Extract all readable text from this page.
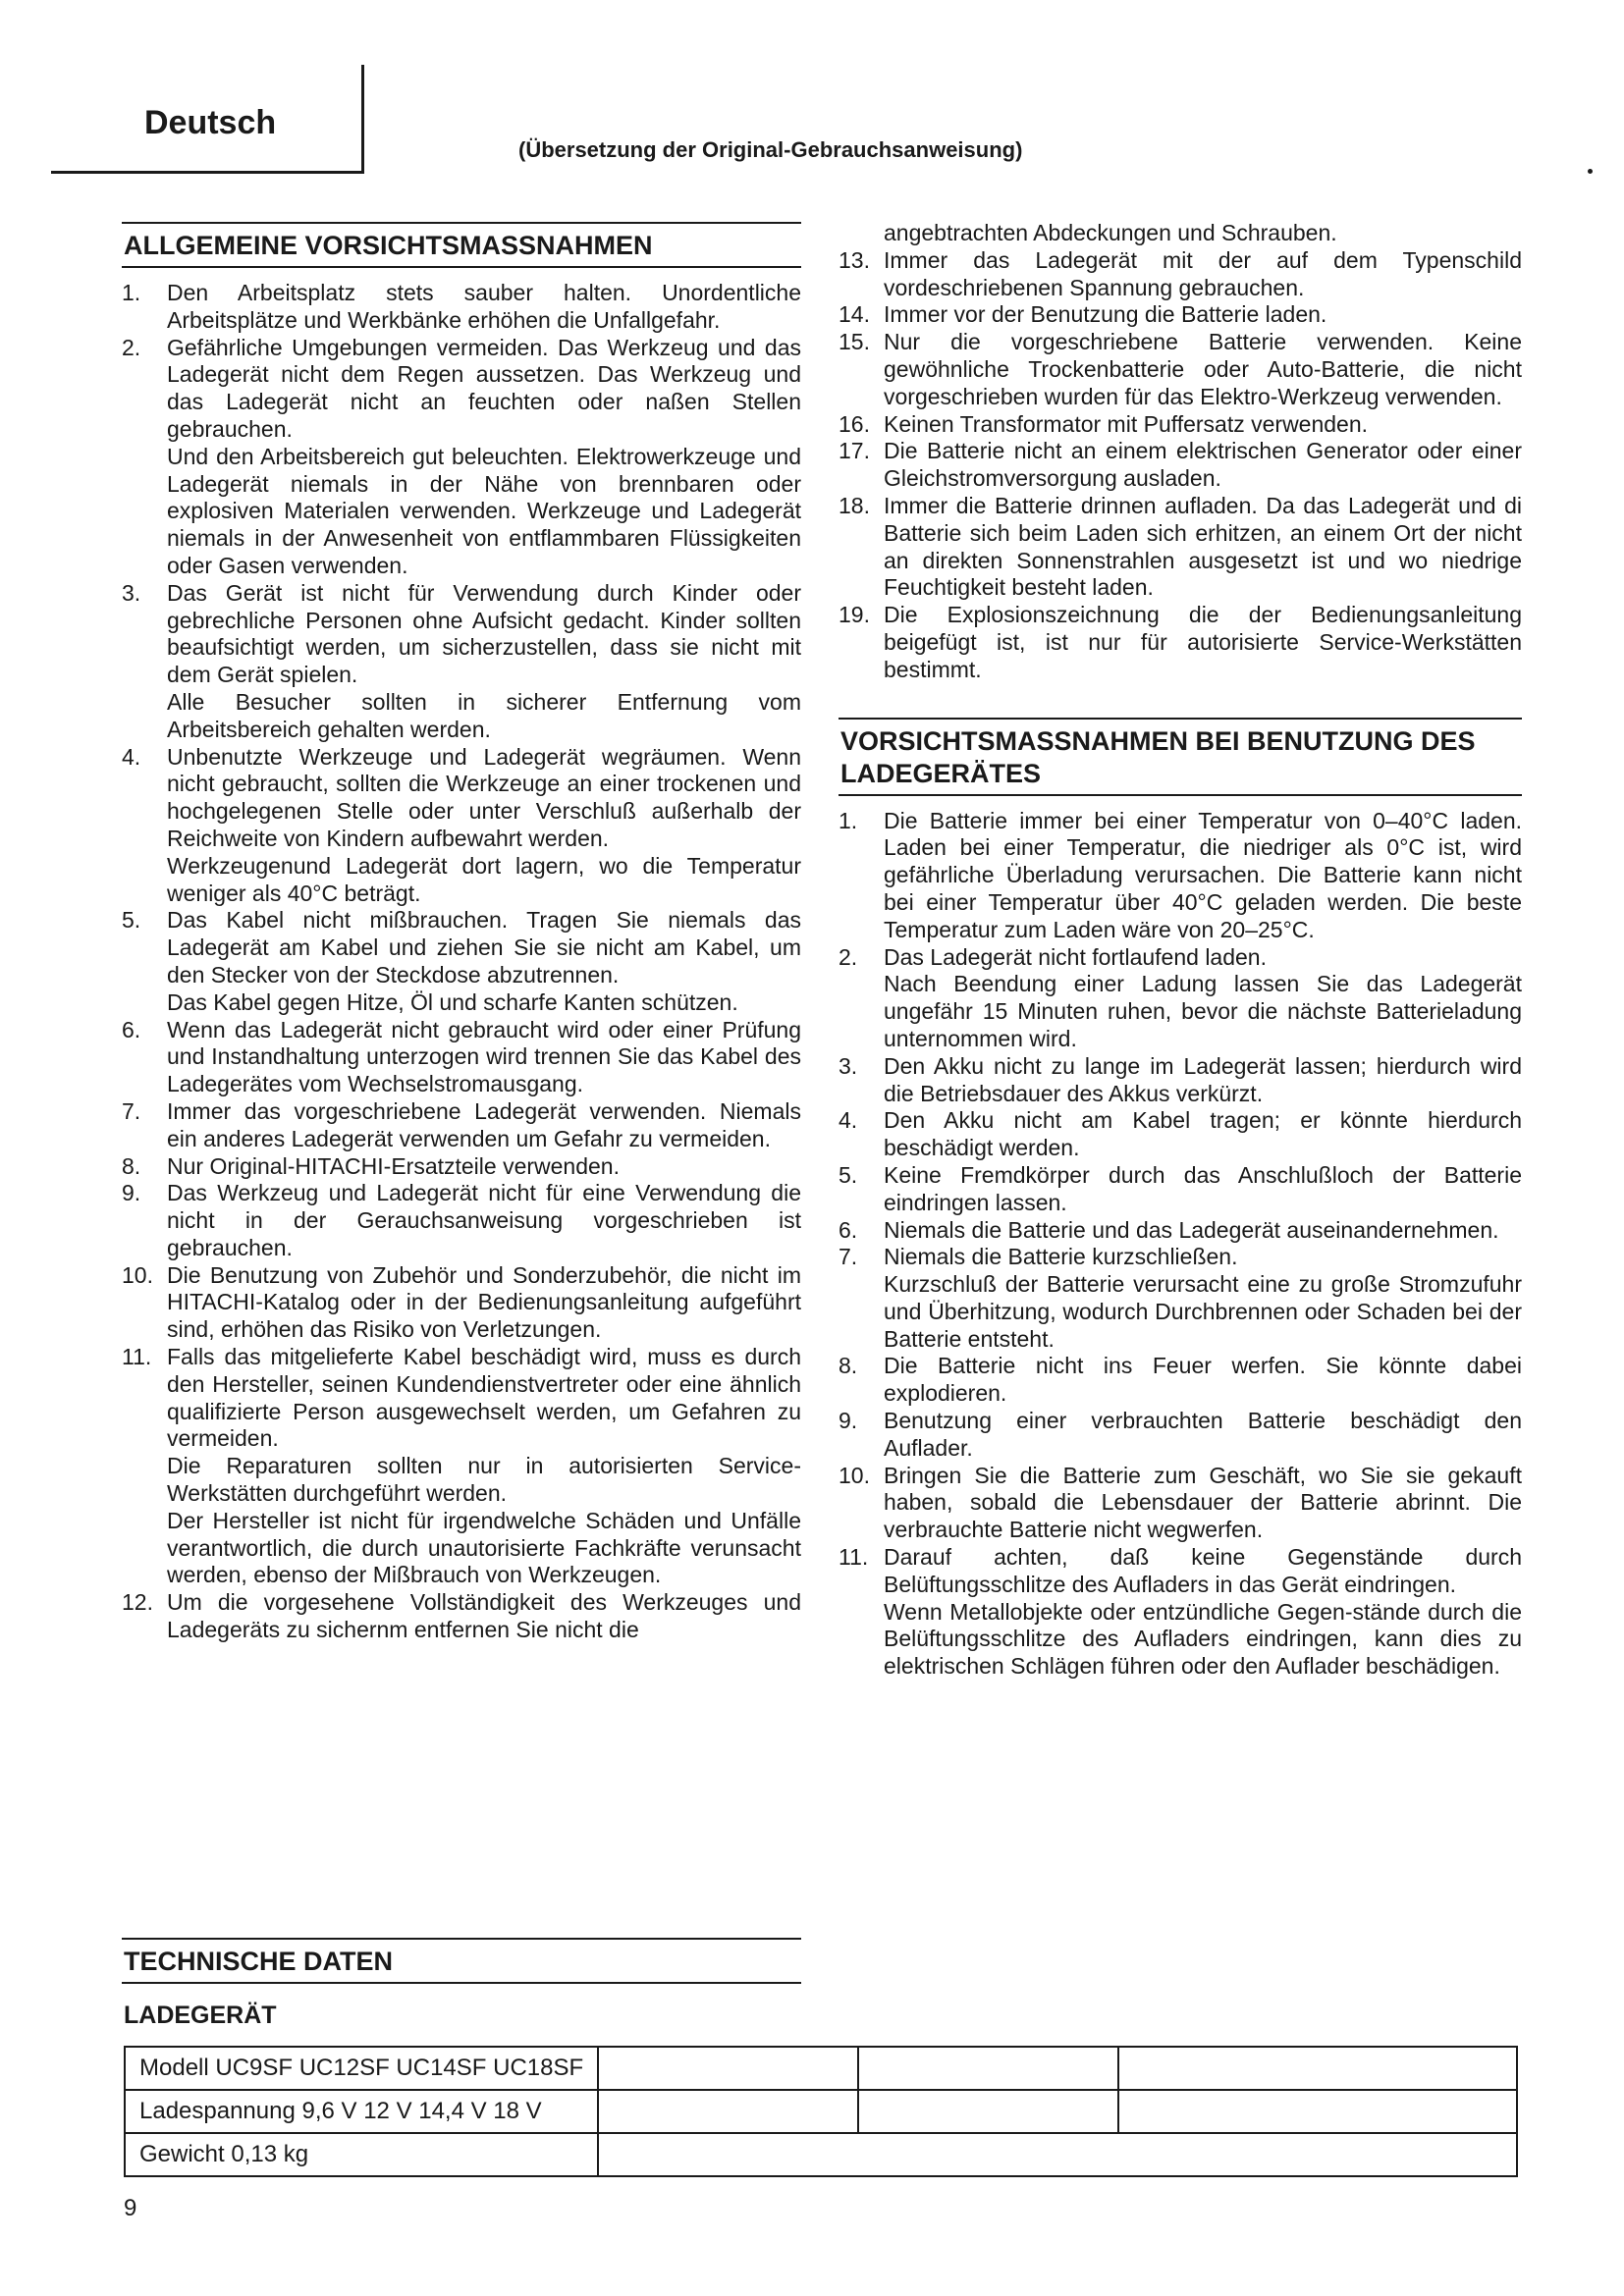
Deutsch
(Übersetzung der Original-Gebrauchsanweisung)
ALLGEMEINE VORSICHTSMASSNAHMEN
1. Den Arbeitsplatz stets sauber halten. Unordentliche Arbeitsplätze und Werkbänke erhöhen die Unfallgefahr.

2. Gefährliche Umgebungen vermeiden. Das Werkzeug und das Ladegerät nicht dem Regen aussetzen. Das Werkzeug und das Ladegerät nicht an feuchten oder naßen Stellen gebrauchen.

Und den Arbeitsbereich gut beleuchten. Elektrowerkzeuge und Ladegerät niemals in der Nähe von brennbaren oder explosiven Materialen verwenden. Werkzeuge und Ladegerät niemals in der Anwesenheit von entflammbaren Flüssigkeiten oder Gasen verwenden.

3. Das Gerät ist nicht für Verwendung durch Kinder oder gebrechliche Personen ohne Aufsicht gedacht. Kinder sollten beaufsichtigt werden, um sicherzustellen, dass sie nicht mit dem Gerät spielen.

Alle Besucher sollten in sicherer Entfernung vom Arbeitsbereich gehalten werden.

4. Unbenutzte Werkzeuge und Ladegerät wegräumen. Wenn nicht gebraucht, sollten die Werkzeuge an einer trockenen und hochgelegenen Stelle oder unter Verschluß außerhalb der Reichweite von Kindern aufbewahrt werden.

Werkzeugenund Ladegerät dort lagern, wo die Temperatur weniger als 40°C beträgt.

5. Das Kabel nicht mißbrauchen. Tragen Sie niemals das Ladegerät am Kabel und ziehen Sie sie nicht am Kabel, um den Stecker von der Steckdose abzutrennen.

Das Kabel gegen Hitze, Öl und scharfe Kanten schützen.

6. Wenn das Ladegerät nicht gebraucht wird oder einer Prüfung und Instandhaltung unterzogen wird trennen Sie das Kabel des Ladegerätes vom Wechselstromausgang.

7. Immer das vorgeschriebene Ladegerät verwenden. Niemals ein anderes Ladegerät verwenden um Gefahr zu vermeiden.

8. Nur Original-HITACHI-Ersatzteile verwenden.

9. Das Werkzeug und Ladegerät nicht für eine Verwendung die nicht in der Gerauchsanweisung vorgeschrieben ist gebrauchen.

10. Die Benutzung von Zubehör und Sonderzubehör, die nicht im HITACHI-Katalog oder in der Bedienungsanleitung aufgeführt sind, erhöhen das Risiko von Verletzungen.

11. Falls das mitgelieferte Kabel beschädigt wird, muss es durch den Hersteller, seinen Kundendienstvertreter oder eine ähnlich qualifizierte Person ausgewechselt werden, um Gefahren zu vermeiden.

Die Reparaturen sollten nur in autorisierten Service-Werkstätten durchgeführt werden.

Der Hersteller ist nicht für irgendwelche Schäden und Unfälle verantwortlich, die durch unautorisierte Fachkräfte verunsacht werden, ebenso der Mißbrauch von Werkzeugen.

12. Um die vorgesehene Vollständigkeit des Werkzeuges und Ladegeräts zu sichernm entfernen Sie nicht die

angebtrachten Abdeckungen und Schrauben.

13. Immer das Ladegerät mit der auf dem Typenschild vordeschriebenen Spannung gebrauchen.

14. Immer vor der Benutzung die Batterie laden.

15. Nur die vorgeschriebene Batterie verwenden. Keine gewöhnliche Trockenbatterie oder Auto-Batterie, die nicht vorgeschrieben wurden für das Elektro-Werkzeug verwenden.

16. Keinen Transformator mit Puffersatz verwenden.

17. Die Batterie nicht an einem elektrischen Generator oder einer Gleichstromversorgung ausladen.

18. Immer die Batterie drinnen aufladen. Da das Ladegerät und di Batterie sich beim Laden sich erhitzen, an einem Ort der nicht an direkten Sonnenstrahlen ausgesetzt ist und wo niedrige Feuchtigkeit besteht laden.

19. Die Explosionszeichnung die der Bedienungsanleitung beigefügt ist, ist nur für autorisierte Service-Werkstätten bestimmt.

VORSICHTSMASSNAHMEN BEI BENUTZUNG DES LADEGERÄTES
1. Die Batterie immer bei einer Temperatur von 0–40°C laden. Laden bei einer Temperatur, die niedriger als 0°C ist, wird gefährliche Überladung verursachen. Die Batterie kann nicht bei einer Temperatur über 40°C geladen werden. Die beste Temperatur zum Laden wäre von 20–25°C.

2. Das Ladegerät nicht fortlaufend laden.

Nach Beendung einer Ladung lassen Sie das Ladegerät ungefähr 15 Minuten ruhen, bevor die nächste Batterieladung unternommen wird.

3. Den Akku nicht zu lange im Ladegerät lassen; hierdurch wird die Betriebsdauer des Akkus verkürzt.

4. Den Akku nicht am Kabel tragen; er könnte hierdurch beschädigt werden.

5. Keine Fremdkörper durch das Anschlußloch der Batterie eindringen lassen.

6. Niemals die Batterie und das Ladegerät auseinandernehmen.

7. Niemals die Batterie kurzschließen.

Kurzschluß der Batterie verursacht eine zu große Stromzufuhr und Überhitzung, wodurch Durchbrennen oder Schaden bei der Batterie entsteht.

8. Die Batterie nicht ins Feuer werfen. Sie könnte dabei explodieren.

9. Benutzung einer verbrauchten Batterie beschädigt den Auflader.

10. Bringen Sie die Batterie zum Geschäft, wo Sie sie gekauft haben, sobald die Lebensdauer der Batterie abrinnt. Die verbrauchte Batterie nicht wegwerfen.

11. Darauf achten, daß keine Gegenstände durch Belüftungsschlitze des Aufladers in das Gerät eindringen.

Wenn Metallobjekte oder entzündliche Gegen-stände durch die Belüftungsschlitze des Aufladers eindringen, kann dies zu elektrischen Schlägen führen oder den Auflader beschädigen.

TECHNISCHE DATEN
LADEGERÄT
Modell UC9SF UC12SF UC14SF UC18SF			
Ladespannung 9,6 V 12 V 14,4 V 18 V			
Gewicht 0,13 kg			
9
